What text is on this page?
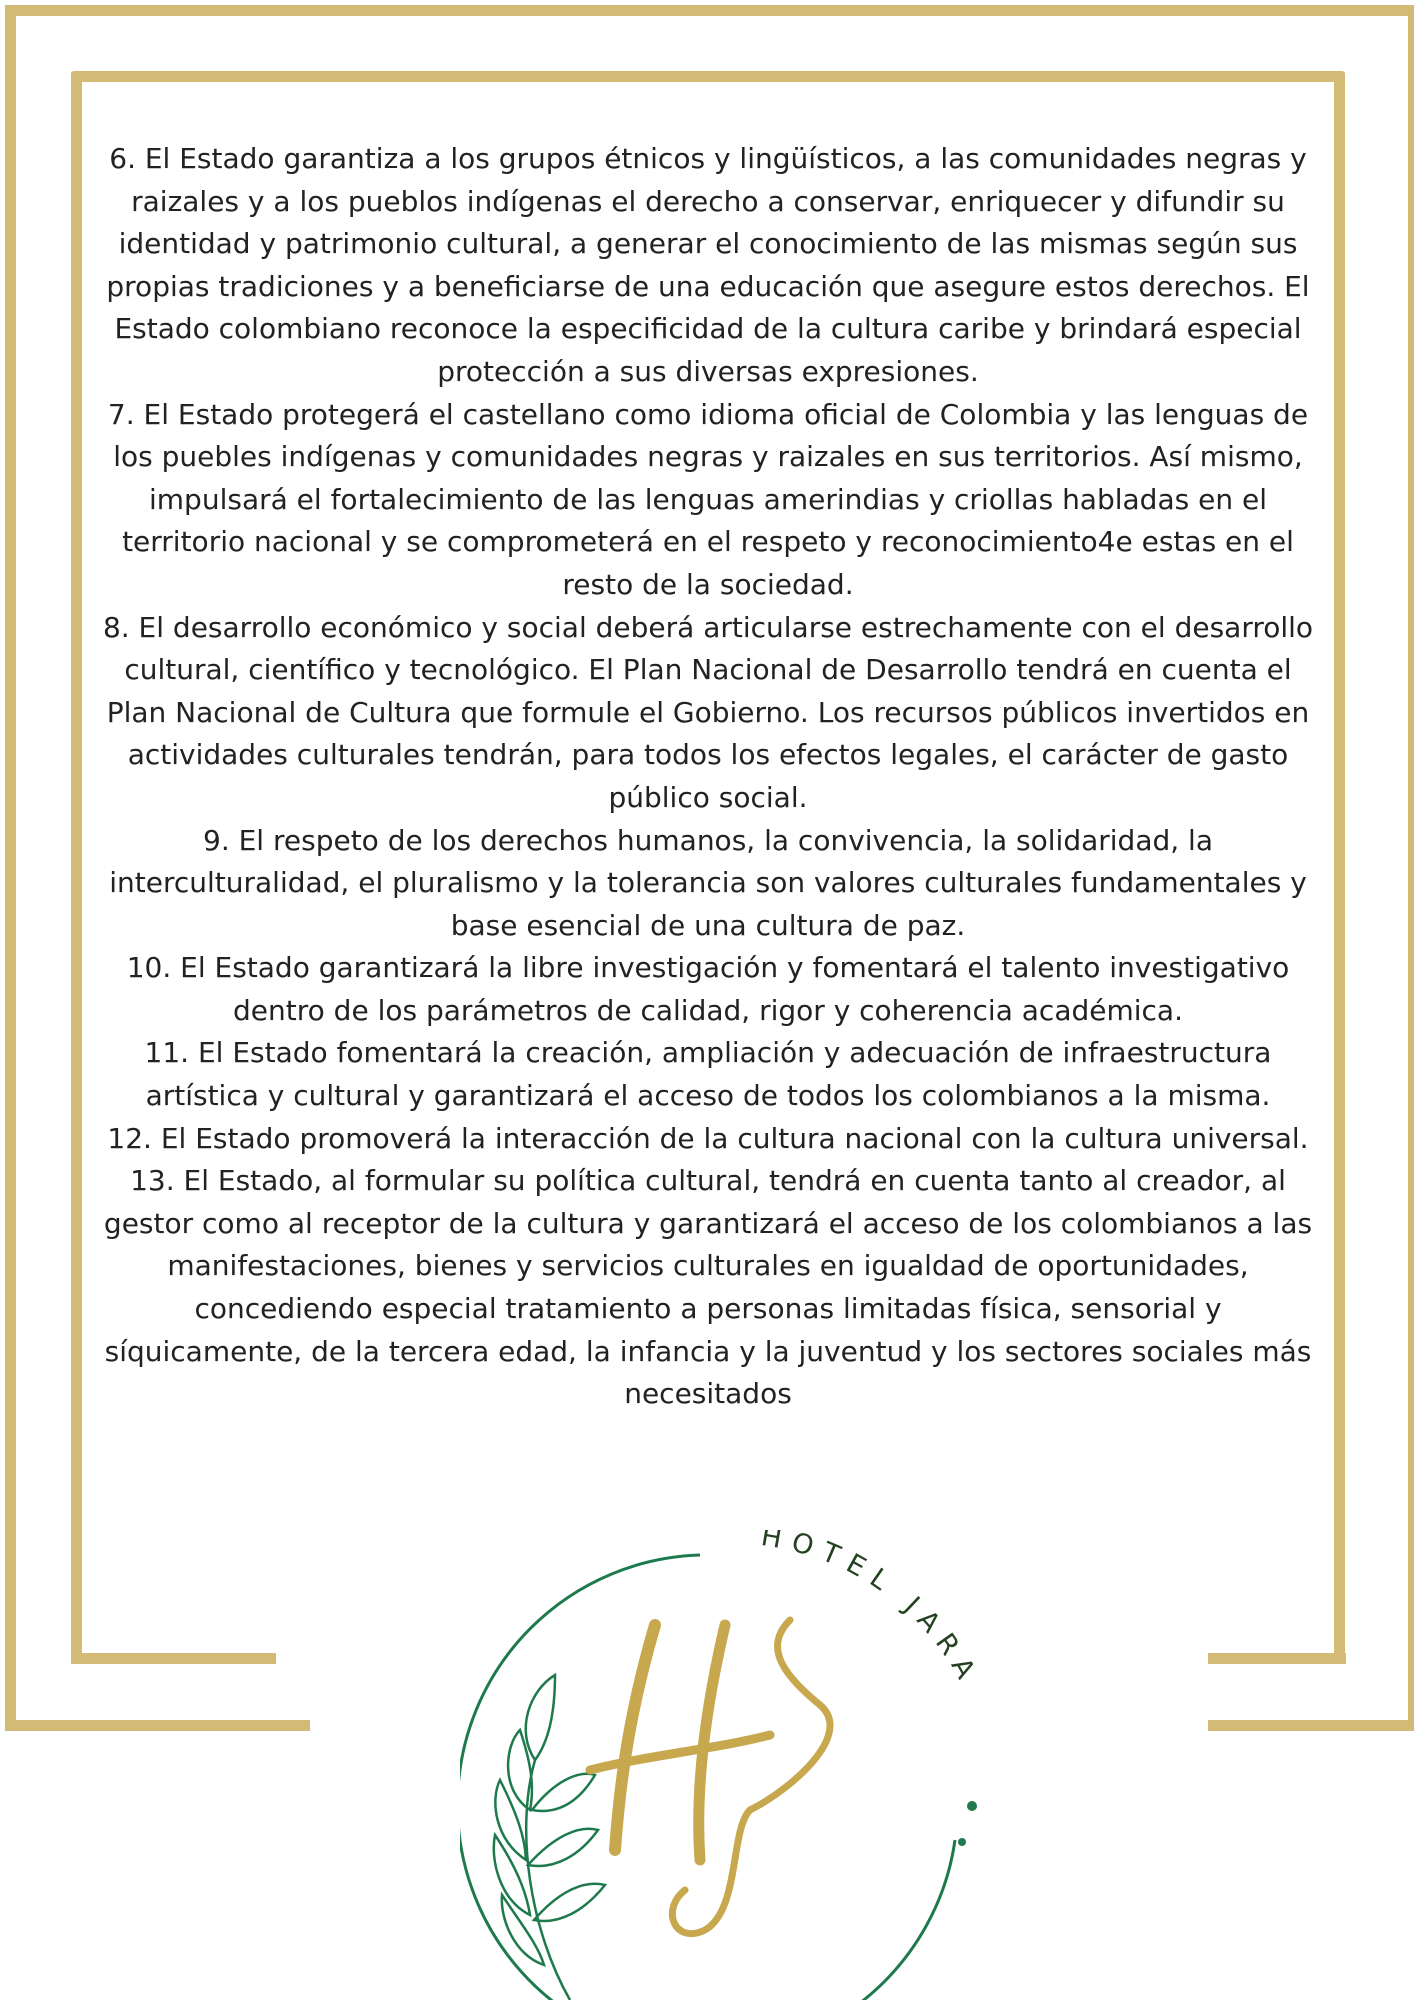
6. El Estado garantiza a los grupos étnicos y lingüísticos, a las comunidades negras y raizales y a los pueblos indígenas el derecho a conservar, enriquecer y difundir su identidad y patrimonio cultural, a generar el conocimiento de las mismas según sus propias tradiciones y a beneficiarse de una educación que asegure estos derechos. El Estado colombiano reconoce la especificidad de la cultura caribe y brindará especial protección a sus diversas expresiones.

7. El Estado protegerá el castellano como idioma oficial de Colombia y las lenguas de los puebles indígenas y comunidades negras y raizales en sus territorios. Así mismo, impulsará el fortalecimiento de las lenguas amerindias y criollas habladas en el territorio nacional y se comprometerá en el respeto y reconocimiento4e estas en el resto de la sociedad.

8. El desarrollo económico y social deberá articularse estrechamente con el desarrollo cultural, científico y tecnológico. El Plan Nacional de Desarrollo tendrá en cuenta el Plan Nacional de Cultura que formule el Gobierno. Los recursos públicos invertidos en actividades culturales tendrán, para todos los efectos legales, el carácter de gasto público social.

9. El respeto de los derechos humanos, la convivencia, la solidaridad, la interculturalidad, el pluralismo y la tolerancia son valores culturales fundamentales y base esencial de una cultura de paz.

10. El Estado garantizará la libre investigación y fomentará el talento investigativo dentro de los parámetros de calidad, rigor y coherencia académica.

11. El Estado fomentará la creación, ampliación y adecuación de infraestructura artística y cultural y garantizará el acceso de todos los colombianos a la misma.

12. El Estado promoverá la interacción de la cultura nacional con la cultura universal.

13. El Estado, al formular su política cultural, tendrá en cuenta tanto al creador, al gestor como al receptor de la cultura y garantizará el acceso de los colombianos a las manifestaciones, bienes y servicios culturales en igualdad de oportunidades, concediendo especial tratamiento a personas limitadas física, sensorial y síquicamente, de la tercera edad, la infancia y la juventud y los sectores sociales más necesitados

HOTEL JARA
